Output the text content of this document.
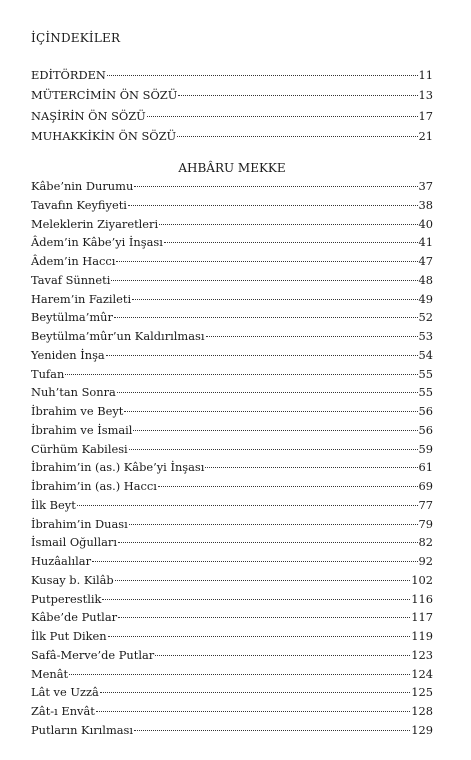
İÇİNDEKİLER
EDİTÖRDEN	11
MÜTERCİMİN ÖN SÖZÜ	13
NAŞİRİN ÖN SÖZÜ	17
MUHAKKİKİN ÖN SÖZÜ	21
AHBÂRU MEKKE
Kâbe’nin Durumu	37
Tavafın Keyfiyeti	38
Meleklerin Ziyaretleri	40
Âdem’in Kâbe’yi İnşası	41
Âdem’in Haccı	47
Tavaf Sünneti	48
Harem’in Fazileti	49
Beytülma’mûr	52
Beytülma’mûr’un Kaldırılması	53
Yeniden İnşa	54
Tufan	55
Nuh’tan Sonra	55
İbrahim ve Beyt	56
İbrahim ve İsmail	56
Cürhüm Kabilesi	59
İbrahim’in (as.) Kâbe’yi İnşası	61
İbrahim’in (as.) Haccı	69
İlk Beyt	77
İbrahim’in Duası	79
İsmail Oğulları	82
Huzâalılar	92
Kusay b. Kilâb	102
Putperestlik	116
Kâbe’de Putlar	117
İlk Put Diken	119
Safâ-Merve’de Putlar	123
Menât	124
Lât ve Uzzâ	125
Zât-ı Envât	128
Putların Kırılması	129
